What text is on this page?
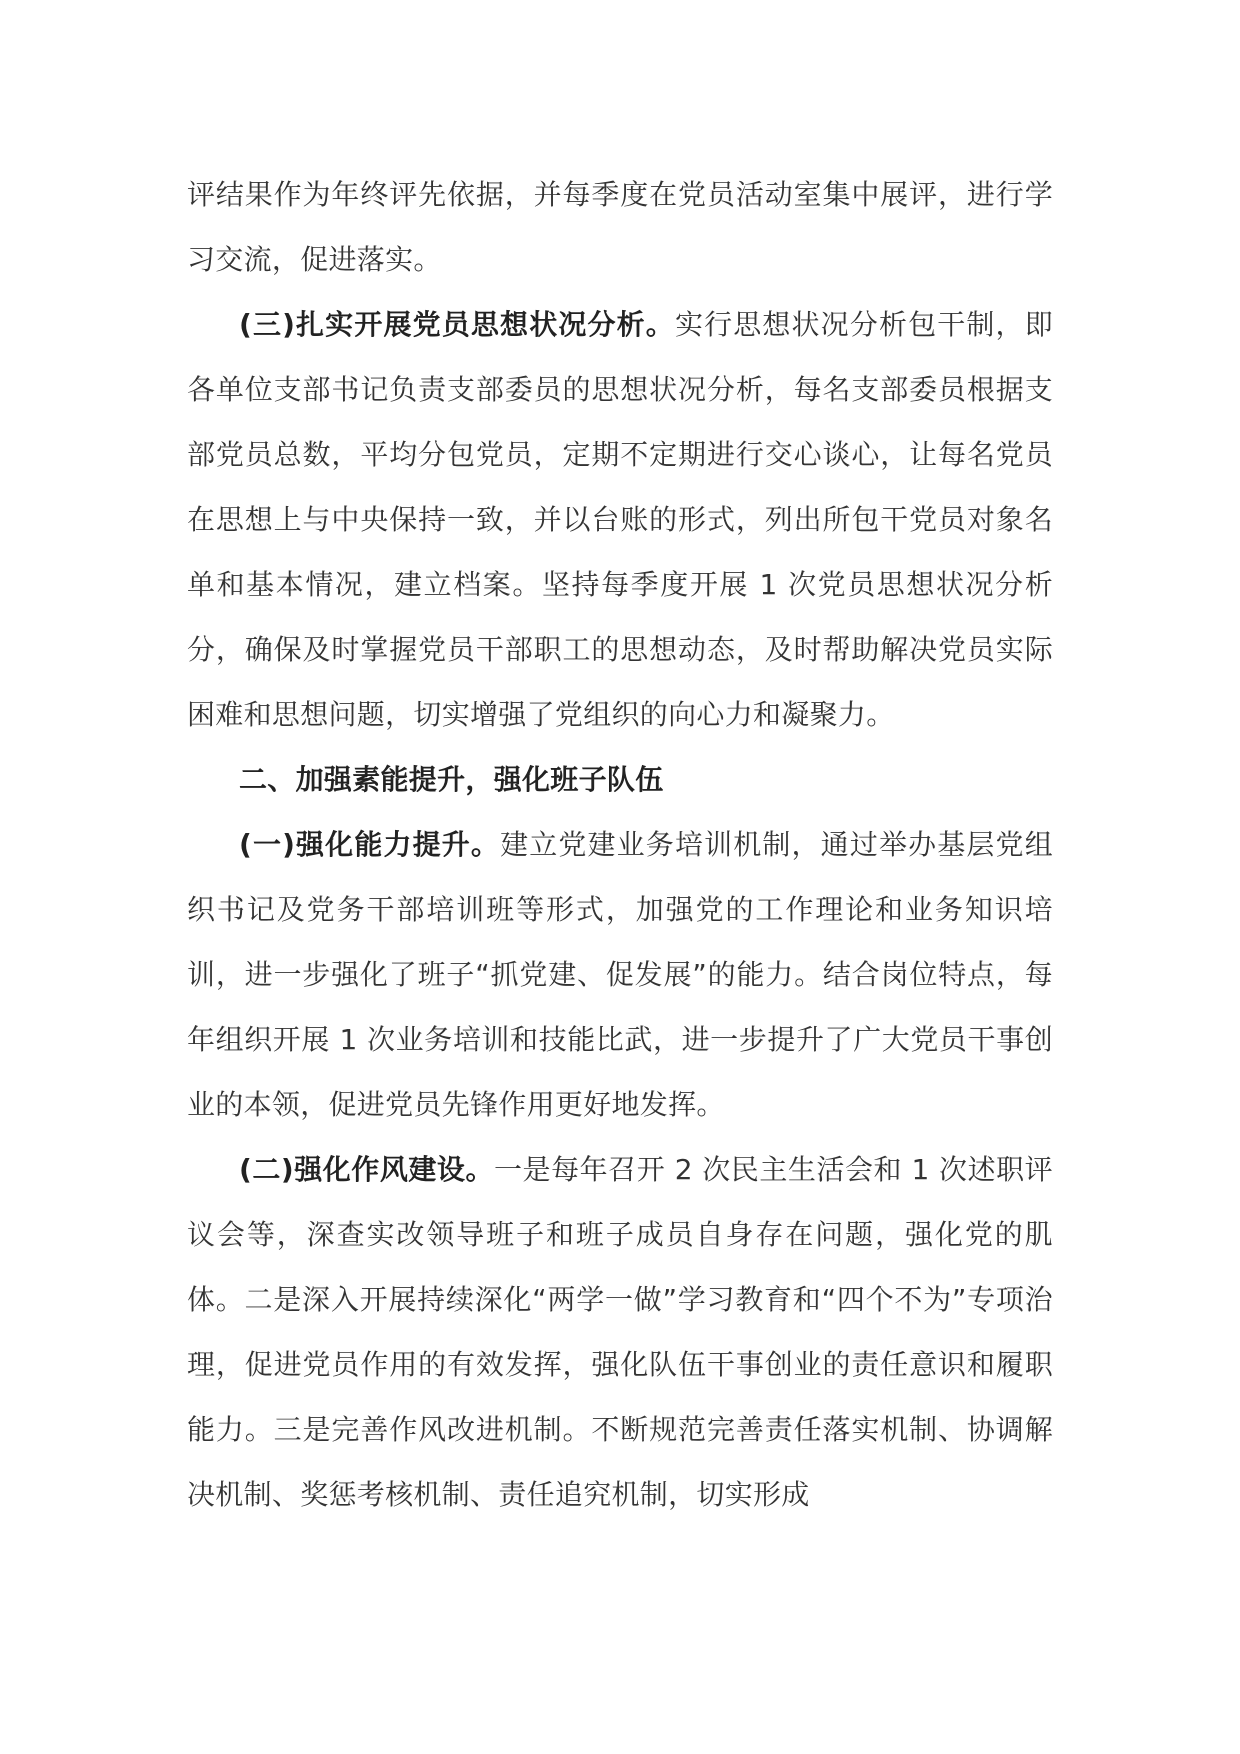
评结果作为年终评先依据，并每季度在党员活动室集中展评，进行学习交流，促进落实。

(三)扎实开展党员思想状况分析。实行思想状况分析包干制，即各单位支部书记负责支部委员的思想状况分析，每名支部委员根据支部党员总数，平均分包党员，定期不定期进行交心谈心，让每名党员在思想上与中央保持一致，并以台账的形式，列出所包干党员对象名单和基本情况，建立档案。坚持每季度开展 1 次党员思想状况分析分，确保及时掌握党员干部职工的思想动态，及时帮助解决党员实际困难和思想问题，切实增强了党组织的向心力和凝聚力。

二、加强素能提升，强化班子队伍

(一)强化能力提升。建立党建业务培训机制，通过举办基层党组织书记及党务干部培训班等形式，加强党的工作理论和业务知识培训，进一步强化了班子“抓党建、促发展”的能力。结合岗位特点，每年组织开展 1 次业务培训和技能比武，进一步提升了广大党员干事创业的本领，促进党员先锋作用更好地发挥。

(二)强化作风建设。一是每年召开 2 次民主生活会和 1 次述职评议会等，深查实改领导班子和班子成员自身存在问题，强化党的肌体。二是深入开展持续深化“两学一做”学习教育和“四个不为”专项治理，促进党员作用的有效发挥，强化队伍干事创业的责任意识和履职能力。三是完善作风改进机制。不断规范完善责任落实机制、协调解决机制、奖惩考核机制、责任追究机制，切实形成
